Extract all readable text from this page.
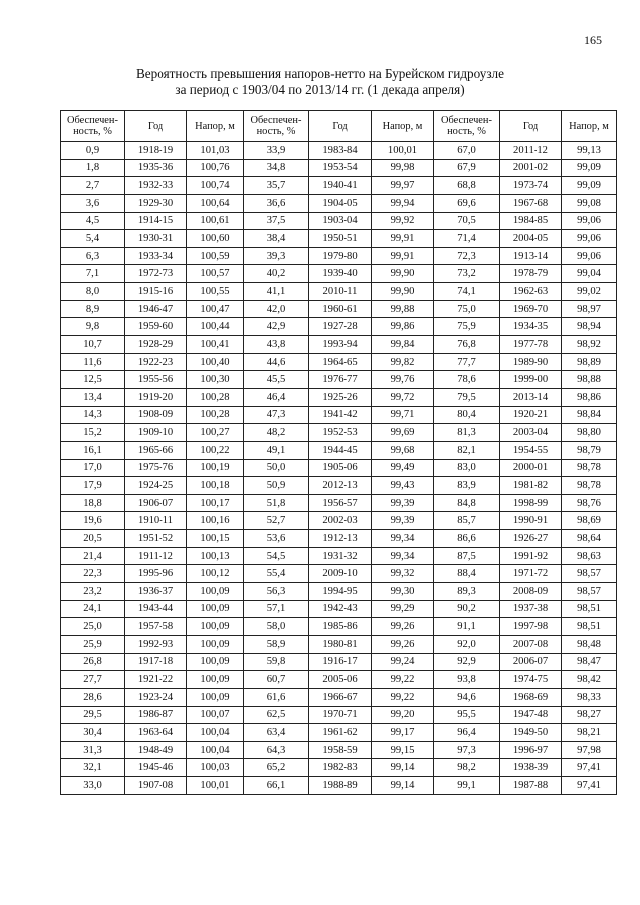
165
Вероятность превышения напоров-нетто на Бурейском гидроузле
за период с 1903/04 по 2013/14 гг. (1 декада апреля)
Обеспечен-ность, %	Год	Напор, м	Обеспечен-ность, %	Год	Напор, м	Обеспечен-ность, %	Год	Напор, м
0,9	1918-19	101,03	33,9	1983-84	100,01	67,0	2011-12	99,13
1,8	1935-36	100,76	34,8	1953-54	99,98	67,9	2001-02	99,09
2,7	1932-33	100,74	35,7	1940-41	99,97	68,8	1973-74	99,09
3,6	1929-30	100,64	36,6	1904-05	99,94	69,6	1967-68	99,08
4,5	1914-15	100,61	37,5	1903-04	99,92	70,5	1984-85	99,06
5,4	1930-31	100,60	38,4	1950-51	99,91	71,4	2004-05	99,06
6,3	1933-34	100,59	39,3	1979-80	99,91	72,3	1913-14	99,06
7,1	1972-73	100,57	40,2	1939-40	99,90	73,2	1978-79	99,04
8,0	1915-16	100,55	41,1	2010-11	99,90	74,1	1962-63	99,02
8,9	1946-47	100,47	42,0	1960-61	99,88	75,0	1969-70	98,97
9,8	1959-60	100,44	42,9	1927-28	99,86	75,9	1934-35	98,94
10,7	1928-29	100,41	43,8	1993-94	99,84	76,8	1977-78	98,92
11,6	1922-23	100,40	44,6	1964-65	99,82	77,7	1989-90	98,89
12,5	1955-56	100,30	45,5	1976-77	99,76	78,6	1999-00	98,88
13,4	1919-20	100,28	46,4	1925-26	99,72	79,5	2013-14	98,86
14,3	1908-09	100,28	47,3	1941-42	99,71	80,4	1920-21	98,84
15,2	1909-10	100,27	48,2	1952-53	99,69	81,3	2003-04	98,80
16,1	1965-66	100,22	49,1	1944-45	99,68	82,1	1954-55	98,79
17,0	1975-76	100,19	50,0	1905-06	99,49	83,0	2000-01	98,78
17,9	1924-25	100,18	50,9	2012-13	99,43	83,9	1981-82	98,78
18,8	1906-07	100,17	51,8	1956-57	99,39	84,8	1998-99	98,76
19,6	1910-11	100,16	52,7	2002-03	99,39	85,7	1990-91	98,69
20,5	1951-52	100,15	53,6	1912-13	99,34	86,6	1926-27	98,64
21,4	1911-12	100,13	54,5	1931-32	99,34	87,5	1991-92	98,63
22,3	1995-96	100,12	55,4	2009-10	99,32	88,4	1971-72	98,57
23,2	1936-37	100,09	56,3	1994-95	99,30	89,3	2008-09	98,57
24,1	1943-44	100,09	57,1	1942-43	99,29	90,2	1937-38	98,51
25,0	1957-58	100,09	58,0	1985-86	99,26	91,1	1997-98	98,51
25,9	1992-93	100,09	58,9	1980-81	99,26	92,0	2007-08	98,48
26,8	1917-18	100,09	59,8	1916-17	99,24	92,9	2006-07	98,47
27,7	1921-22	100,09	60,7	2005-06	99,22	93,8	1974-75	98,42
28,6	1923-24	100,09	61,6	1966-67	99,22	94,6	1968-69	98,33
29,5	1986-87	100,07	62,5	1970-71	99,20	95,5	1947-48	98,27
30,4	1963-64	100,04	63,4	1961-62	99,17	96,4	1949-50	98,21
31,3	1948-49	100,04	64,3	1958-59	99,15	97,3	1996-97	97,98
32,1	1945-46	100,03	65,2	1982-83	99,14	98,2	1938-39	97,41
33,0	1907-08	100,01	66,1	1988-89	99,14	99,1	1987-88	97,41
